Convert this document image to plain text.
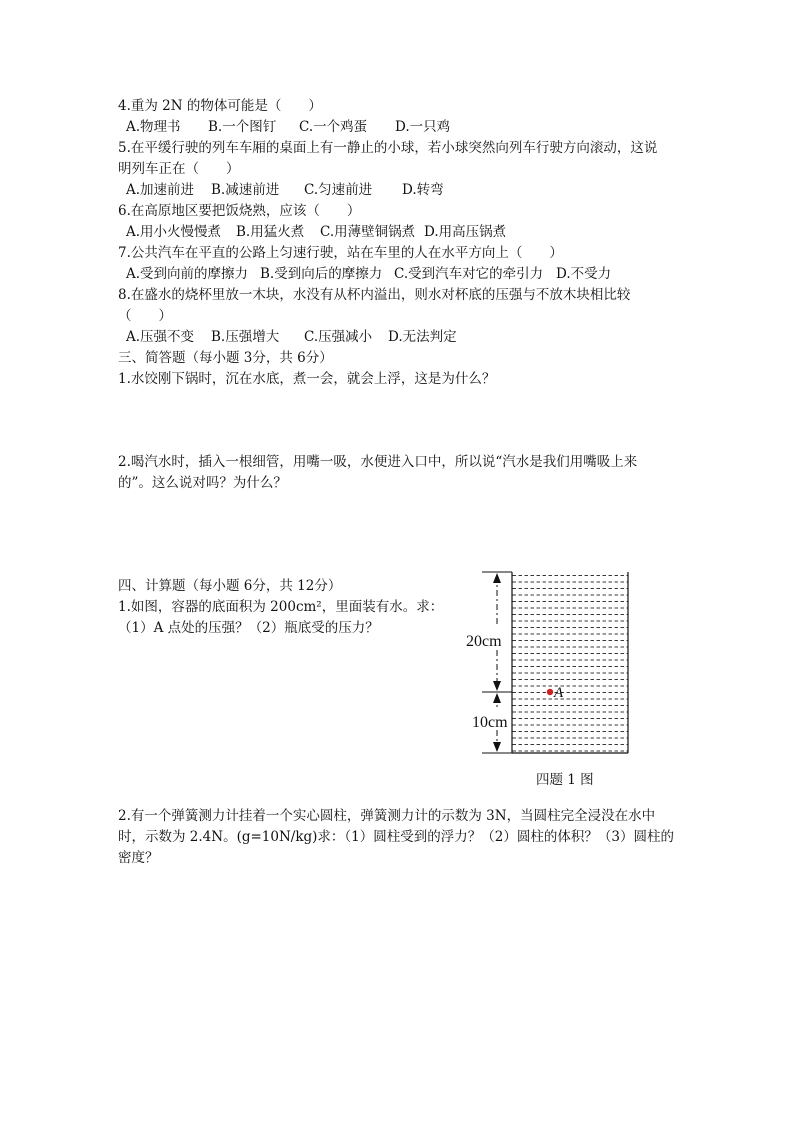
4.重为 2N 的物体可能是（　　）
A.物理书 B.一个图钉 C.一个鸡蛋 D.一只鸡
5.在平缓行驶的列车车厢的桌面上有一静止的小球，若小球突然向列车行驶方向滚动，这说
明列车正在（　　）
A.加速前进 B.减速前进 C.匀速前进 D.转弯
6.在高原地区要把饭烧熟，应该（　　）
A.用小火慢慢煮 B.用猛火煮 C.用薄壁铜锅煮 D.用高压锅煮
7.公共汽车在平直的公路上匀速行驶，站在车里的人在水平方向上（　　）
A.受到向前的摩擦力 B.受到向后的摩擦力 C.受到汽车对它的牵引力 D.不受力
8.在盛水的烧杯里放一木块，水没有从杯内溢出，则水对杯底的压强与不放木块相比较
（　　）
A.压强不变 B.压强增大 C.压强减小 D.无法判定
三、简答题（每小题 3分，共 6分）
1.水饺刚下锅时，沉在水底，煮一会，就会上浮，这是为什么？
2.喝汽水时，插入一根细管，用嘴一吸，水便进入口中，所以说“汽水是我们用嘴吸上来
的”。这么说对吗？为什么？
四、计算题（每小题 6分，共 12分）
1.如图，容器的底面积为 200cm²，里面装有水。求：
（1）A 点处的压强？（2）瓶底受的压力？
20cm
10cm
A
四题 1 图
2.有一个弹簧测力计挂着一个实心圆柱，弹簧测力计的示数为 3N，当圆柱完全浸没在水中
时，示数为 2.4N。(g=10N/kg)求：（1）圆柱受到的浮力？（2）圆柱的体积？（3）圆柱的
密度？
